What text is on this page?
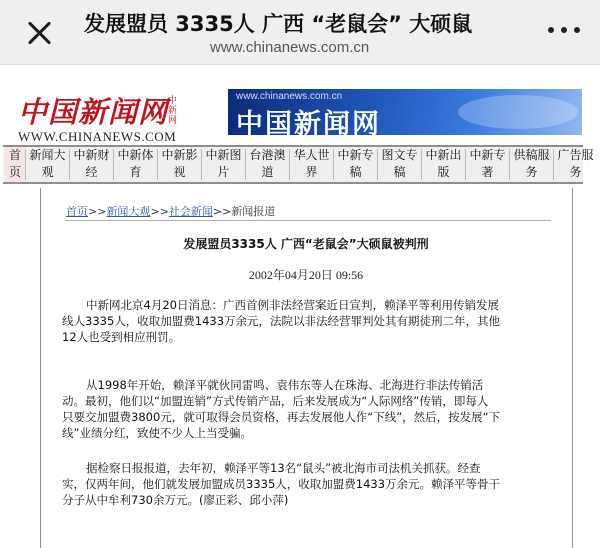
发展盟员 3335人 广西 “老鼠会” 大硕鼠
www.chinanews.com.cn
中国新闻网 中新网
WWW.CHINANEWS.COM
www.chinanews.com.cn
中国新闻网
首
页
新闻大
观
中新财
经
中新体
育
中新影
视
中新图
片
台港澳
道
华人世
界
中新专
稿
图文专
稿
中新出
版
中新专
著
供稿服
务
广告服
务
首页>>新闻大观>>社会新闻>>新闻报道
发展盟员3335人 广西“老鼠会”大硕鼠被判刑
2002年04月20日 09:56
中新网北京4月20日消息：广西首例非法经营案近日宣判，赖泽平等利用传销发展
线人3335人，收取加盟费1433万余元，法院以非法经营罪判处其有期徒刑二年，其他
12人也受到相应刑罚。
从1998年开始，赖泽平就伙同雷鸣、袁伟东等人在珠海、北海进行非法传销活
动。最初，他们以“加盟连销”方式传销产品，后来发展成为“人际网络”传销，即每人
只要交加盟费3800元，就可取得会员资格，再去发展他人作“下线”，然后，按发展“下
线”业绩分红，致使不少人上当受骗。
据检察日报报道，去年初，赖泽平等13名“鼠头”被北海市司法机关抓获。经查
实，仅两年间，他们就发展加盟成员3335人，收取加盟费1433万余元。赖泽平等骨干
分子从中牟利730余万元。(廖正彩、邱小萍)
